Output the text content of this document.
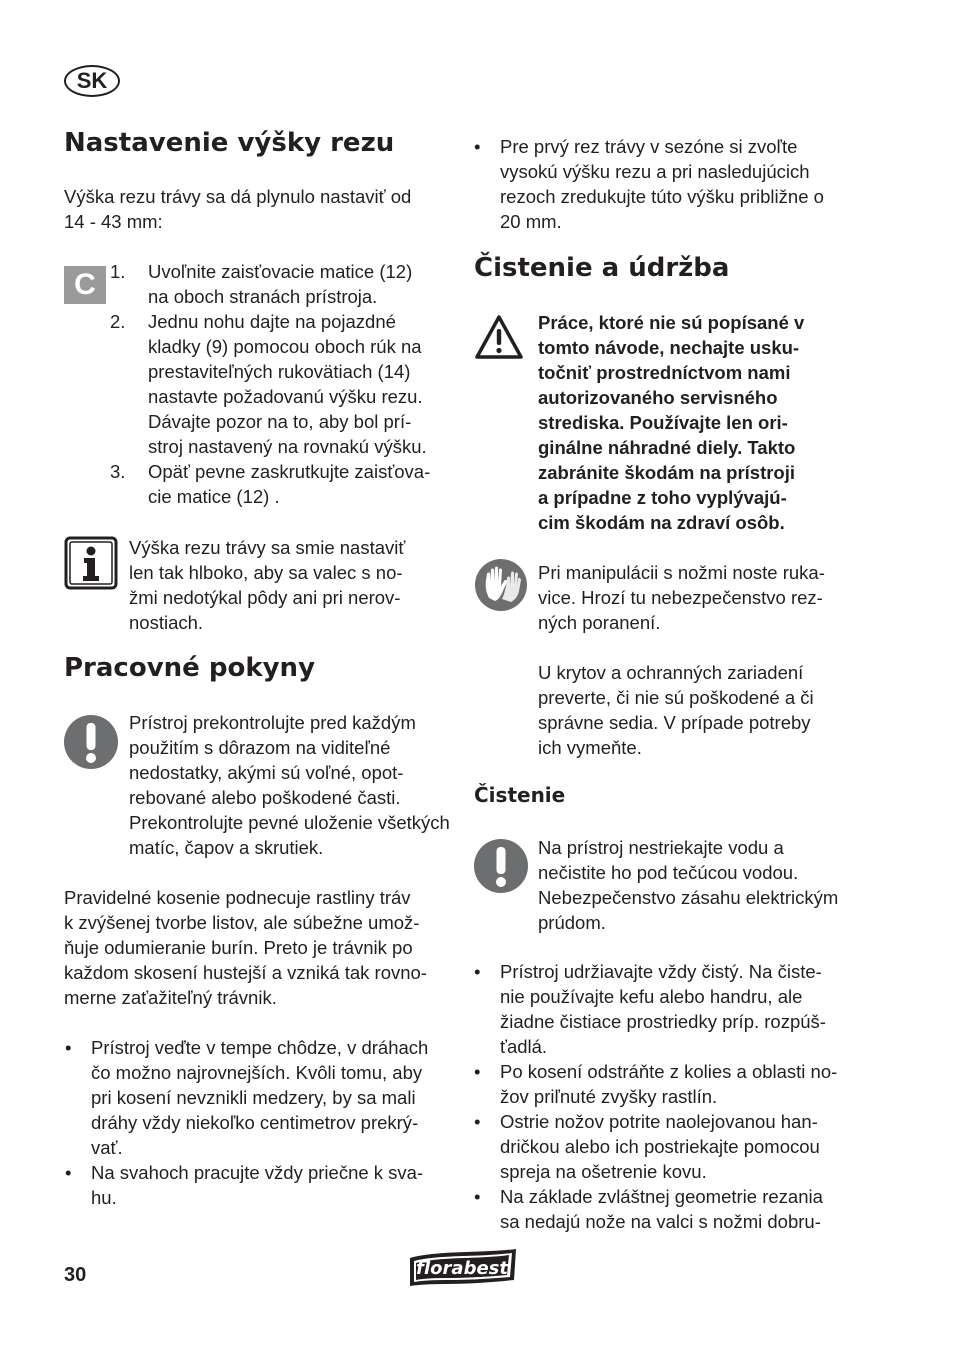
SK
Nastavenie výšky rezu

Výška rezu trávy sa dá plynulo nastaviť od
14 - 43 mm:

C 1. Uvoľnite zaisťovacie matice (12)
na oboch stranách prístroja.
2. Jednu nohu dajte na pojazdné
kladky (9) pomocou oboch rúk na
prestaviteľných rukovätiach (14)
nastavte požadovanú výšku rezu.
Dávajte pozor na to, aby bol prí-
stroj nastavený na rovnakú výšku.
3. Opäť pevne zaskrutkujte zaisťova-
cie matice (12) .

Výška rezu trávy sa smie nastaviť
len tak hlboko, aby sa valec s no-
žmi nedotýkal pôdy ani pri nerov-
nostiach.

Pracovné pokyny

Prístroj prekontrolujte pred každým
použitím s dôrazom na viditeľné
nedostatky, akými sú voľné, opot-
rebované alebo poškodené časti.
Prekontrolujte pevné uloženie všetkých
matíc, čapov a skrutiek.

Pravidelné kosenie podnecuje rastliny tráv
k zvýšenej tvorbe listov, ale súbežne umož-
ňuje odumieranie burín. Preto je trávnik po
každom skosení hustejší a vzniká tak rovno-
merne zaťažiteľný trávnik.

• Prístroj veďte v tempe chôdze, v dráhach
čo možno najrovnejších. Kvôli tomu, aby
pri kosení nevznikli medzery, by sa mali
dráhy vždy niekoľko centimetrov prekrý-
vať.
• Na svahoch pracujte vždy priečne k sva-
hu.
• Pre prvý rez trávy v sezóne si zvoľte
vysokú výšku rezu a pri nasledujúcich
rezoch zredukujte túto výšku približne o
20 mm.
Čistenie a údržba

Práce, ktoré nie sú popísané v
tomto návode, nechajte usku-
točniť prostredníctvom nami
autorizovaného servisného
strediska. Používajte len ori-
ginálne náhradné diely. Takto
zabránite škodám na prístroji
a prípadne z toho vyplývajú-
cim škodám na zdraví osôb.

Pri manipulácii s nožmi noste ruka-
vice. Hrozí tu nebezpečenstvo rez-
ných poranení.

U krytov a ochranných zariadení
preverte, či nie sú poškodené a či
správne sedia. V prípade potreby
ich vymeňte.

Čistenie

Na prístroj nestriekajte vodu a
nečistite ho pod tečúcou vodou.
Nebezpečenstvo zásahu elektrickým
prúdom.

• Prístroj udržiavajte vždy čistý. Na čiste-
nie používajte kefu alebo handru, ale
žiadne čistiace prostriedky príp. rozpúš-
ťadlá.
• Po kosení odstráňte z kolies a oblasti no-
žov priľnuté zvyšky rastlín.
• Ostrie nožov potrite naolejovanou han-
dričkou alebo ich postriekajte pomocou
spreja na ošetrenie kovu.
• Na základe zvláštnej geometrie rezania
sa nedajú nože na valci s nožmi dobru-
30	florabest
